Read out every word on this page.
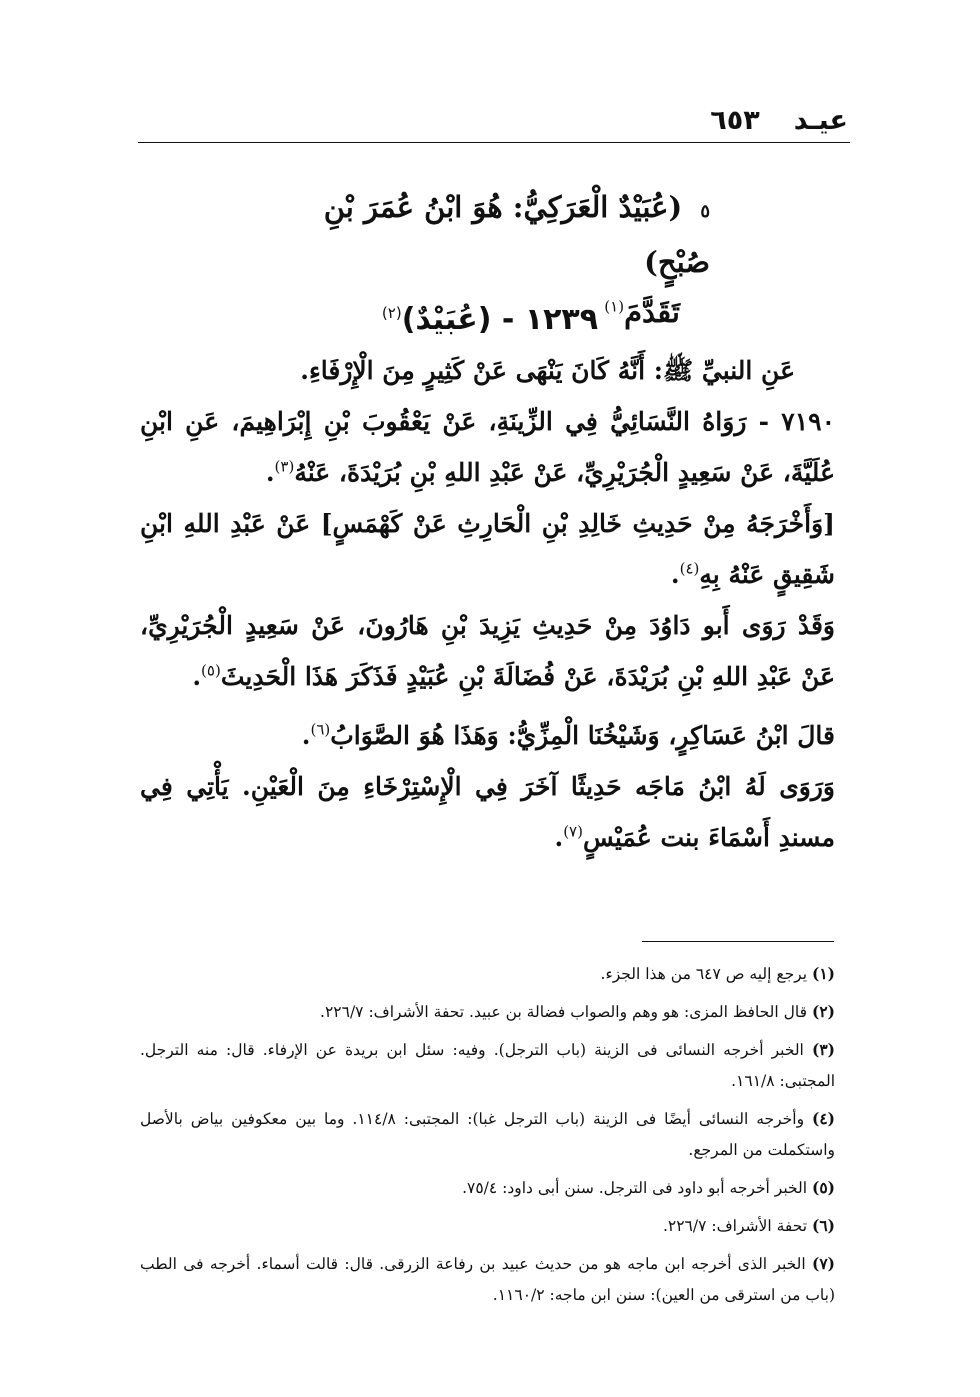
عيـد
٦٥٣
٥ (عُبَيْدٌ الْعَرَكِيُّ: هُوَ ابْنُ عُمَرَ بْنِ صُبْحٍ)
تَقَدَّمَ$^{(١)}$
١٢٣٩ - (عُبَيْدٌ)$^{(٢)}$

عَنِ النبيِّ ﷺ: أَنَّهُ كَانَ يَنْهَى عَنْ كَثِيرٍ مِنَ الْإِرْفَاءِ.

٧١٩٠ - رَوَاهُ النَّسَائِيُّ فِي الزِّينَةِ، عَنْ يَعْقُوبَ بْنِ إِبْرَاهِيمَ، عَنِ ابْنِ عُلَيَّةَ، عَنْ سَعِيدٍ الْجُرَيْرِيِّ، عَنْ عَبْدِ اللهِ بْنِ بُرَيْدَةَ، عَنْهُ$^{(٣)}$.

[وَأَخْرَجَهُ مِنْ حَدِيثِ خَالِدِ بْنِ الْحَارِثِ عَنْ كَهْمَسٍ] عَنْ عَبْدِ اللهِ ابْنِ شَقِيقٍ عَنْهُ بِهِ$^{(٤)}$.

وَقَدْ رَوَى أَبو دَاوُدَ مِنْ حَدِيثِ يَزِيدَ بْنِ هَارُونَ، عَنْ سَعِيدٍ الْجُرَيْرِيِّ، عَنْ عَبْدِ اللهِ بْنِ بُرَيْدَةَ، عَنْ فُضَالَةَ بْنِ عُبَيْدٍ فَذَكَرَ هَذَا الْحَدِيثَ$^{(٥)}$.

قالَ ابْنُ عَسَاكِرٍ، وَشَيْخُنَا الْمِزِّيُّ: وَهَذَا هُوَ الصَّوَابُ$^{(٦)}$.

وَرَوَى لَهُ ابْنُ مَاجَه حَدِيثًا آخَرَ فِي الْإِسْتِرْخَاءِ مِنَ الْعَيْنِ. يَأْتِي فِي مسندِ أَسْمَاءَ بنت عُمَيْسٍ$^{(٧)}$.

(١) يرجع إليه ص ٦٤٧ من هذا الجزء.

(٢) قال الحافظ المزى: هو وهم والصواب فضالة بن عبيد. تحفة الأشراف: ٢٢٦/٧.

(٣) الخبر أخرجه النسائى فى الزينة (باب الترجل). وفيه: سئل ابن بريدة عن الإرفاء. قال: منه الترجل. المجتبى: ١٦١/٨.

(٤) وأخرجه النسائى أيضًا فى الزينة (باب الترجل غبا): المجتبى: ١١٤/٨. وما بين معكوفين بياض بالأصل واستكملت من المرجع.

(٥) الخبر أخرجه أبو داود فى الترجل. سنن أبى داود: ٧٥/٤.

(٦) تحفة الأشراف: ٢٢٦/٧.

(٧) الخبر الذى أخرجه ابن ماجه هو من حديث عبيد بن رفاعة الزرقى. قال: قالت أسماء. أخرجه فى الطب (باب من استرقى من العين): سنن ابن ماجه: ١١٦٠/٢.
